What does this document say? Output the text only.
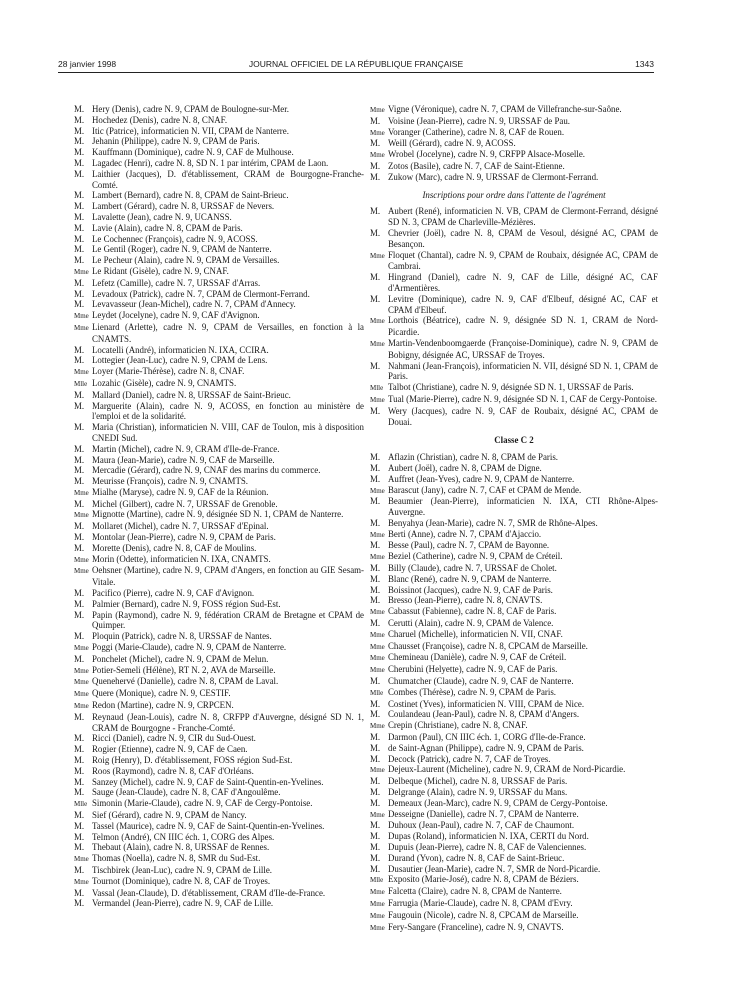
28 janvier 1998	JOURNAL OFFICIEL DE LA RÉPUBLIQUE FRANÇAISE	1343

M. Hery (Denis), cadre N. 9, CPAM de Boulogne-sur-Mer.

M. Hochedez (Denis), cadre N. 8, CNAF.

M. Itic (Patrice), informaticien N. VII, CPAM de Nanterre.

M. Jehanin (Philippe), cadre N. 9, CPAM de Paris.

M. Kauffmann (Dominique), cadre N. 9, CAF de Mulhouse.

M. Lagadec (Henri), cadre N. 8, SD N. 1 par intérim, CPAM de Laon.

M. Laithier (Jacques), D. d'établissement, CRAM de Bourgogne-Franche-Comté.

M. Lambert (Bernard), cadre N. 8, CPAM de Saint-Brieuc.

M. Lambert (Gérard), cadre N. 8, URSSAF de Nevers.

M. Lavalette (Jean), cadre N. 9, UCANSS.

M. Lavie (Alain), cadre N. 8, CPAM de Paris.

M. Le Cochennec (François), cadre N. 9, ACOSS.

M. Le Gentil (Roger), cadre N. 9, CPAM de Nanterre.

M. Le Pecheur (Alain), cadre N. 9, CPAM de Versailles.

Mme Le Ridant (Gisèle), cadre N. 9, CNAF.

M. Lefetz (Camille), cadre N. 7, URSSAF d'Arras.

M. Levadoux (Patrick), cadre N. 7, CPAM de Clermont-Ferrand.

M. Levavasseur (Jean-Michel), cadre N. 7, CPAM d'Annecy.

Mme Leydet (Jocelyne), cadre N. 9, CAF d'Avignon.

Mme Lienard (Arlette), cadre N. 9, CPAM de Versailles, en fonction à la CNAMTS.

M. Locatelli (André), informaticien N. IXA, CCIRA.

M. Lottegier (Jean-Luc), cadre N. 9, CPAM de Lens.

Mme Loyer (Marie-Thérèse), cadre N. 8, CNAF.

Mlle Lozahic (Gisèle), cadre N. 9, CNAMTS.

M. Mallard (Daniel), cadre N. 8, URSSAF de Saint-Brieuc.

M. Marguerite (Alain), cadre N. 9, ACOSS, en fonction au ministère de l'emploi et de la solidarité.

M. Maria (Christian), informaticien N. VIII, CAF de Toulon, mis à disposition CNEDI Sud.

M. Martin (Michel), cadre N. 9, CRAM d'Ile-de-France.

M. Maura (Jean-Marie), cadre N. 9, CAF de Marseille.

M. Mercadie (Gérard), cadre N. 9, CNAF des marins du commerce.

M. Meurisse (François), cadre N. 9, CNAMTS.

Mme Mialhe (Maryse), cadre N. 9, CAF de la Réunion.

M. Michel (Gilbert), cadre N. 7, URSSAF de Grenoble.

Mme Mignotte (Martine), cadre N. 9, désignée SD N. 1, CPAM de Nanterre.

M. Mollaret (Michel), cadre N. 7, URSSAF d'Epinal.

M. Montolar (Jean-Pierre), cadre N. 9, CPAM de Paris.

M. Morette (Denis), cadre N. 8, CAF de Moulins.

Mme Morin (Odette), informaticien N. IXA, CNAMTS.

Mme Oehsner (Martine), cadre N. 9, CPAM d'Angers, en fonction au GIE Sesam-Vitale.

M. Pacifico (Pierre), cadre N. 9, CAF d'Avignon.

M. Palmier (Bernard), cadre N. 9, FOSS région Sud-Est.

M. Papin (Raymond), cadre N. 9, fédération CRAM de Bretagne et CPAM de Quimper.

M. Ploquin (Patrick), cadre N. 8, URSSAF de Nantes.

Mme Poggi (Marie-Claude), cadre N. 9, CPAM de Nanterre.

M. Ponchelet (Michel), cadre N. 9, CPAM de Melun.

Mme Potier-Semeli (Hélène), RT N. 2, AVA de Marseille.

Mme Quenehervé (Danielle), cadre N. 8, CPAM de Laval.

Mme Quere (Monique), cadre N. 9, CESTIF.

Mme Redon (Martine), cadre N. 9, CRPCEN.

M. Reynaud (Jean-Louis), cadre N. 8, CRFPP d'Auvergne, désigné SD N. 1, CRAM de Bourgogne - Franche-Comté.

M. Ricci (Daniel), cadre N. 9, CIR du Sud-Ouest.

M. Rogier (Etienne), cadre N. 9, CAF de Caen.

M. Roig (Henry), D. d'établissement, FOSS région Sud-Est.

M. Roos (Raymond), cadre N. 8, CAF d'Orléans.

M. Sanzey (Michel), cadre N. 9, CAF de Saint-Quentin-en-Yvelines.

M. Sauge (Jean-Claude), cadre N. 8, CAF d'Angoulême.

Mlle Simonin (Marie-Claude), cadre N. 9, CAF de Cergy-Pontoise.

M. Sief (Gérard), cadre N. 9, CPAM de Nancy.

M. Tassel (Maurice), cadre N. 9, CAF de Saint-Quentin-en-Yvelines.

M. Telmon (André), CN IIIC éch. 1, CORG des Alpes.

M. Thebaut (Alain), cadre N. 8, URSSAF de Rennes.

Mme Thomas (Noella), cadre N. 8, SMR du Sud-Est.

M. Tischbirek (Jean-Luc), cadre N. 9, CPAM de Lille.

Mme Tournot (Dominique), cadre N. 8, CAF de Troyes.

M. Vassal (Jean-Claude), D. d'établissement, CRAM d'Ile-de-France.

M. Vermandel (Jean-Pierre), cadre N. 9, CAF de Lille.

Mme Vigne (Véronique), cadre N. 7, CPAM de Villefranche-sur-Saône.

M. Voisine (Jean-Pierre), cadre N. 9, URSSAF de Pau.

Mme Voranger (Catherine), cadre N. 8, CAF de Rouen.

M. Weill (Gérard), cadre N. 9, ACOSS.

Mme Wrobel (Jocelyne), cadre N. 9, CRFPP Alsace-Moselle.

M. Zotos (Basile), cadre N. 7, CAF de Saint-Etienne.

M. Zukow (Marc), cadre N. 9, URSSAF de Clermont-Ferrand.

Inscriptions pour ordre dans l'attente de l'agrément

M. Aubert (René), informaticien N. VB, CPAM de Clermont-Ferrand, désigné SD N. 3, CPAM de Charleville-Mézières.

M. Chevrier (Joël), cadre N. 8, CPAM de Vesoul, désigné AC, CPAM de Besançon.

Mme Floquet (Chantal), cadre N. 9, CPAM de Roubaix, désignée AC, CPAM de Cambrai.

M. Hingrand (Daniel), cadre N. 9, CAF de Lille, désigné AC, CAF d'Armentières.

M. Levitre (Dominique), cadre N. 9, CAF d'Elbeuf, désigné AC, CAF et CPAM d'Elbeuf.

Mme Lorthois (Béatrice), cadre N. 9, désignée SD N. 1, CRAM de Nord-Picardie.

Mme Martin-Vendenboomgaerde (Françoise-Dominique), cadre N. 9, CPAM de Bobigny, désignée AC, URSSAF de Troyes.

M. Nahmani (Jean-François), informaticien N. VII, désigné SD N. 1, CPAM de Paris.

Mlle Talbot (Christiane), cadre N. 9, désignée SD N. 1, URSSAF de Paris.

Mme Tual (Marie-Pierre), cadre N. 9, désignée SD N. 1, CAF de Cergy-Pontoise.

M. Wery (Jacques), cadre N. 9, CAF de Roubaix, désigné AC, CPAM de Douai.

Classe C 2

M. Aflazin (Christian), cadre N. 8, CPAM de Paris.

M. Aubert (Joël), cadre N. 8, CPAM de Digne.

M. Auffret (Jean-Yves), cadre N. 9, CPAM de Nanterre.

Mme Barascut (Jany), cadre N. 7, CAF et CPAM de Mende.

M. Beaumier (Jean-Pierre), informaticien N. IXA, CTI Rhône-Alpes-Auvergne.

M. Benyahya (Jean-Marie), cadre N. 7, SMR de Rhône-Alpes.

Mme Berti (Anne), cadre N. 7, CPAM d'Ajaccio.

M. Besse (Paul), cadre N. 7, CPAM de Bayonne.

Mme Beziel (Catherine), cadre N. 9, CPAM de Créteil.

M. Billy (Claude), cadre N. 7, URSSAF de Cholet.

M. Blanc (René), cadre N. 9, CPAM de Nanterre.

M. Boissinot (Jacques), cadre N. 9, CAF de Paris.

M. Bresso (Jean-Pierre), cadre N. 8, CNAVTS.

Mme Cabassut (Fabienne), cadre N. 8, CAF de Paris.

M. Cerutti (Alain), cadre N. 9, CPAM de Valence.

Mme Charuel (Michelle), informaticien N. VII, CNAF.

Mme Chausset (Françoise), cadre N. 8, CPCAM de Marseille.

Mme Chemineau (Danièle), cadre N. 9, CAF de Créteil.

Mme Cherubini (Helyette), cadre N. 9, CAF de Paris.

M. Chumatcher (Claude), cadre N. 9, CAF de Nanterre.

Mlle Combes (Thérèse), cadre N. 9, CPAM de Paris.

M. Costinet (Yves), informaticien N. VIII, CPAM de Nice.

M. Coulandeau (Jean-Paul), cadre N. 8, CPAM d'Angers.

Mme Crepin (Christiane), cadre N. 8, CNAF.

M. Darmon (Paul), CN IIIC éch. 1, CORG d'Ile-de-France.

M. de Saint-Agnan (Philippe), cadre N. 9, CPAM de Paris.

M. Decock (Patrick), cadre N. 7, CAF de Troyes.

Mme Dejeux-Laurent (Micheline), cadre N. 9, CRAM de Nord-Picardie.

M. Delbeque (Michel), cadre N. 8, URSSAF de Paris.

M. Delgrange (Alain), cadre N. 9, URSSAF du Mans.

M. Demeaux (Jean-Marc), cadre N. 9, CPAM de Cergy-Pontoise.

Mme Desseigne (Danielle), cadre N. 7, CPAM de Nanterre.

M. Duhoux (Jean-Paul), cadre N. 7, CAF de Chaumont.

M. Dupas (Roland), informaticien N. IXA, CERTI du Nord.

M. Dupuis (Jean-Pierre), cadre N. 8, CAF de Valenciennes.

M. Durand (Yvon), cadre N. 8, CAF de Saint-Brieuc.

M. Dusautier (Jean-Marie), cadre N. 7, SMR de Nord-Picardie.

Mlle Exposito (Marie-José), cadre N. 8, CPAM de Béziers.

Mme Falcetta (Claire), cadre N. 8, CPAM de Nanterre.

Mme Farrugia (Marie-Claude), cadre N. 8, CPAM d'Evry.

Mme Faugouin (Nicole), cadre N. 8, CPCAM de Marseille.

Mme Fery-Sangare (Franceline), cadre N. 9, CNAVTS.
